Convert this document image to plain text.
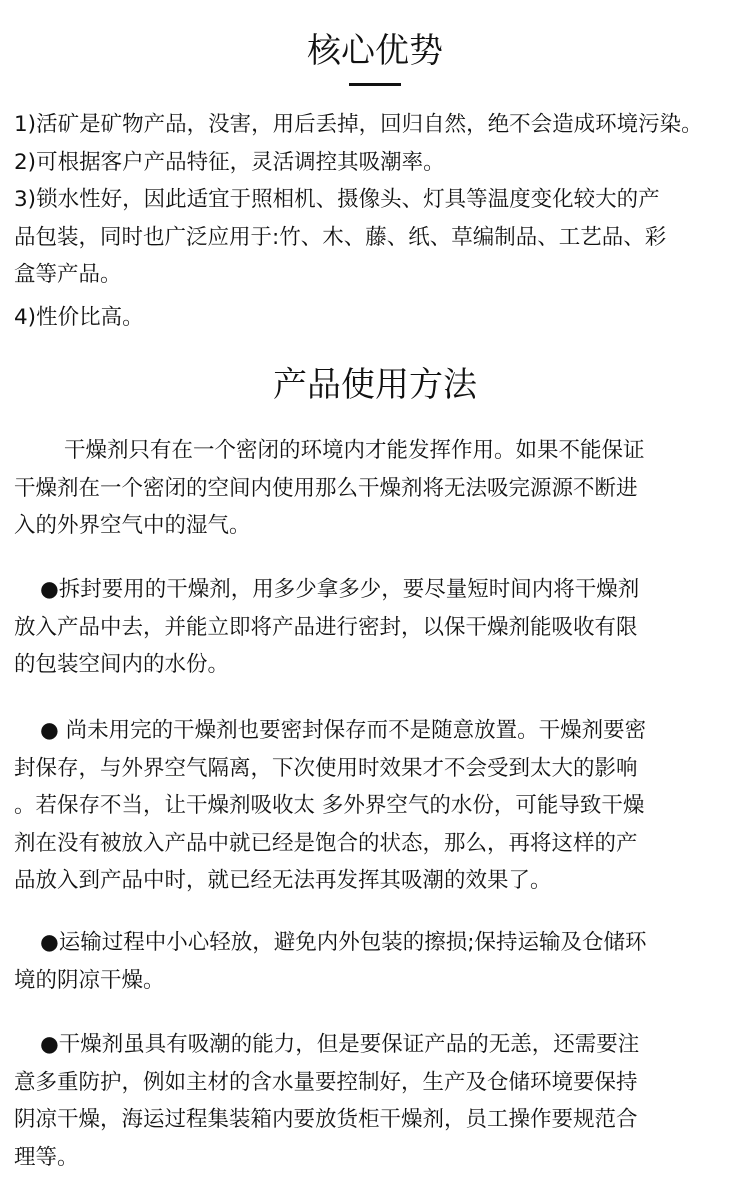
核心优势
1)活矿是矿物产品，没害，用后丢掉，回归自然，绝不会造成环境污染。
2)可根据客户产品特征，灵活调控其吸潮率。
3)锁水性好，因此适宜于照相机、摄像头、灯具等温度变化较大的产
品包装，同时也广泛应用于:竹、木、藤、纸、草编制品、工艺品、彩
盒等产品。
4)性价比高。
产品使用方法
干燥剂只有在一个密闭的环境内才能发挥作用。如果不能保证
干燥剂在一个密闭的空间内使用那么干燥剂将无法吸完源源不断进
入的外界空气中的湿气。
●拆封要用的干燥剂，用多少拿多少，要尽量短时间内将干燥剂
放入产品中去，并能立即将产品进行密封，以保干燥剂能吸收有限
的包装空间内的水份。
● 尚未用完的干燥剂也要密封保存而不是随意放置。干燥剂要密
封保存，与外界空气隔离，下次使用时效果才不会受到太大的影响
。若保存不当，让干燥剂吸收太 多外界空气的水份，可能导致干燥
剂在没有被放入产品中就已经是饱合的状态，那么，再将这样的产
品放入到产品中时，就已经无法再发挥其吸潮的效果了。
●运输过程中小心轻放，避免内外包装的擦损;保持运输及仓储环
境的阴凉干燥。
●干燥剂虽具有吸潮的能力，但是要保证产品的无恙，还需要注
意多重防护，例如主材的含水量要控制好，生产及仓储环境要保持
阴凉干燥，海运过程集装箱内要放货柜干燥剂，员工操作要规范合
理等。
